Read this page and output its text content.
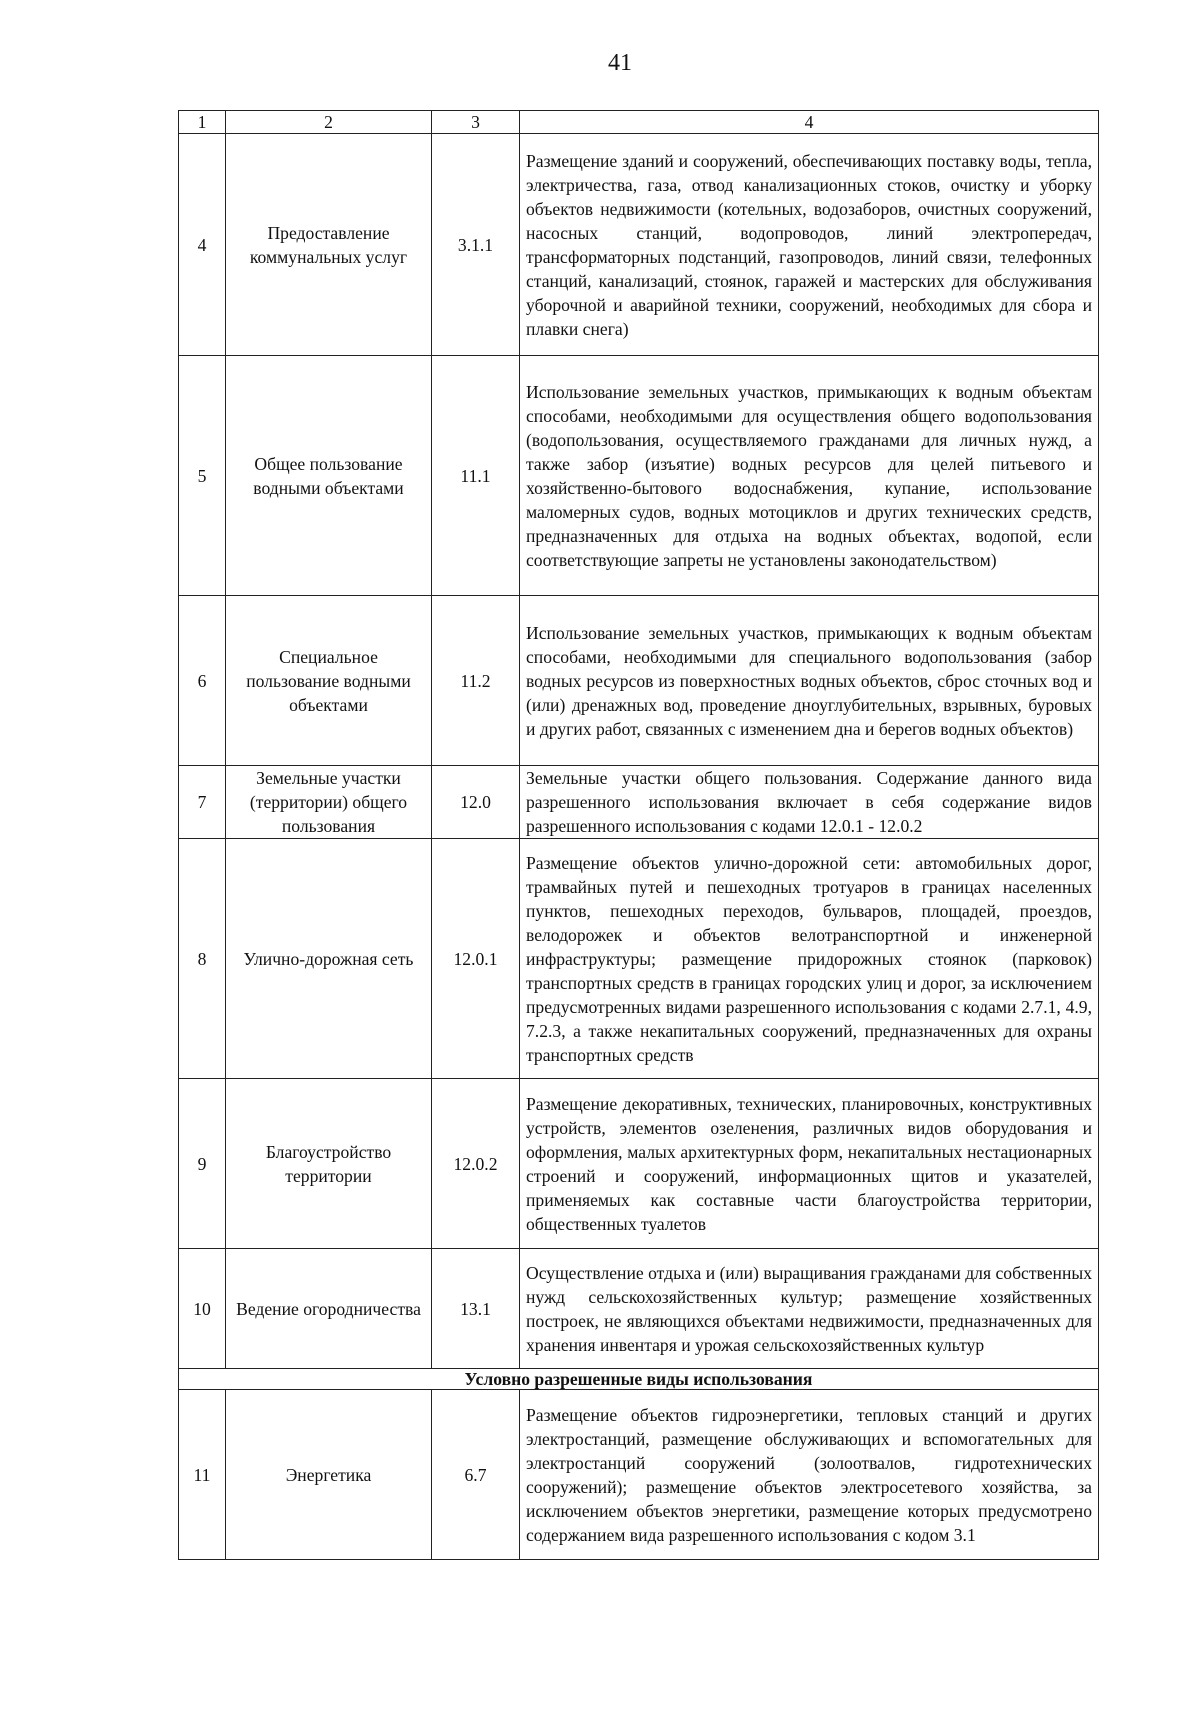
41
1	2	3	4
4	Предоставление коммунальных услуг	3.1.1	Размещение зданий и сооружений, обеспечивающих поставку воды, тепла, электричества, газа, отвод канализационных стоков, очистку и уборку объектов недвижимости (котельных, водозаборов, очистных сооружений, насосных станций, водопроводов, линий электропередач, трансформаторных подстанций, газопроводов, линий связи, телефонных станций, канализаций, стоянок, гаражей и мастерских для обслуживания уборочной и аварийной техники, сооружений, необходимых для сбора и плавки снега)
5	Общее пользование водными объектами	11.1	Использование земельных участков, примыкающих к водным объектам способами, необходимыми для осуществления общего водопользования (водопользования, осуществляемого гражданами для личных нужд, а также забор (изъятие) водных ресурсов для целей питьевого и хозяйственно-бытового водоснабжения, купание, использование маломерных судов, водных мотоциклов и других технических средств, предназначенных для отдыха на водных объектах, водопой, если соответствующие запреты не установлены законодательством)
6	Специальное пользование водными объектами	11.2	Использование земельных участков, примыкающих к водным объектам способами, необходимыми для специального водопользования (забор водных ресурсов из поверхностных водных объектов, сброс сточных вод и (или) дренажных вод, проведение дноуглубительных, взрывных, буровых и других работ, связанных с изменением дна и берегов водных объектов)
7	Земельные участки (территории) общего пользования	12.0	Земельные участки общего пользования. Содержание данного вида разрешенного использования включает в себя содержание видов разрешенного использования с кодами 12.0.1 - 12.0.2
8	Улично-дорожная сеть	12.0.1	Размещение объектов улично-дорожной сети: автомобильных дорог, трамвайных путей и пешеходных тротуаров в границах населенных пунктов, пешеходных переходов, бульваров, площадей, проездов, велодорожек и объектов велотранспортной и инженерной инфраструктуры; размещение придорожных стоянок (парковок) транспортных средств в границах городских улиц и дорог, за исключением предусмотренных видами разрешенного использования с кодами 2.7.1, 4.9, 7.2.3, а также некапитальных сооружений, предназначенных для охраны транспортных средств
9	Благоустройство территории	12.0.2	Размещение декоративных, технических, планировочных, конструктивных устройств, элементов озеленения, различных видов оборудования и оформления, малых архитектурных форм, некапитальных нестационарных строений и сооружений, информационных щитов и указателей, применяемых как составные части благоустройства территории, общественных туалетов
10	Ведение огородничества	13.1	Осуществление отдыха и (или) выращивания гражданами для собственных нужд сельскохозяйственных культур; размещение хозяйственных построек, не являющихся объектами недвижимости, предназначенных для хранения инвентаря и урожая сельскохозяйственных культур
Условно разрешенные виды использования			
11	Энергетика	6.7	Размещение объектов гидроэнергетики, тепловых станций и других электростанций, размещение обслуживающих и вспомогательных для электростанций сооружений (золоотвалов, гидротехнических сооружений); размещение объектов электросетевого хозяйства, за исключением объектов энергетики, размещение которых предусмотрено содержанием вида разрешенного использования с кодом 3.1
